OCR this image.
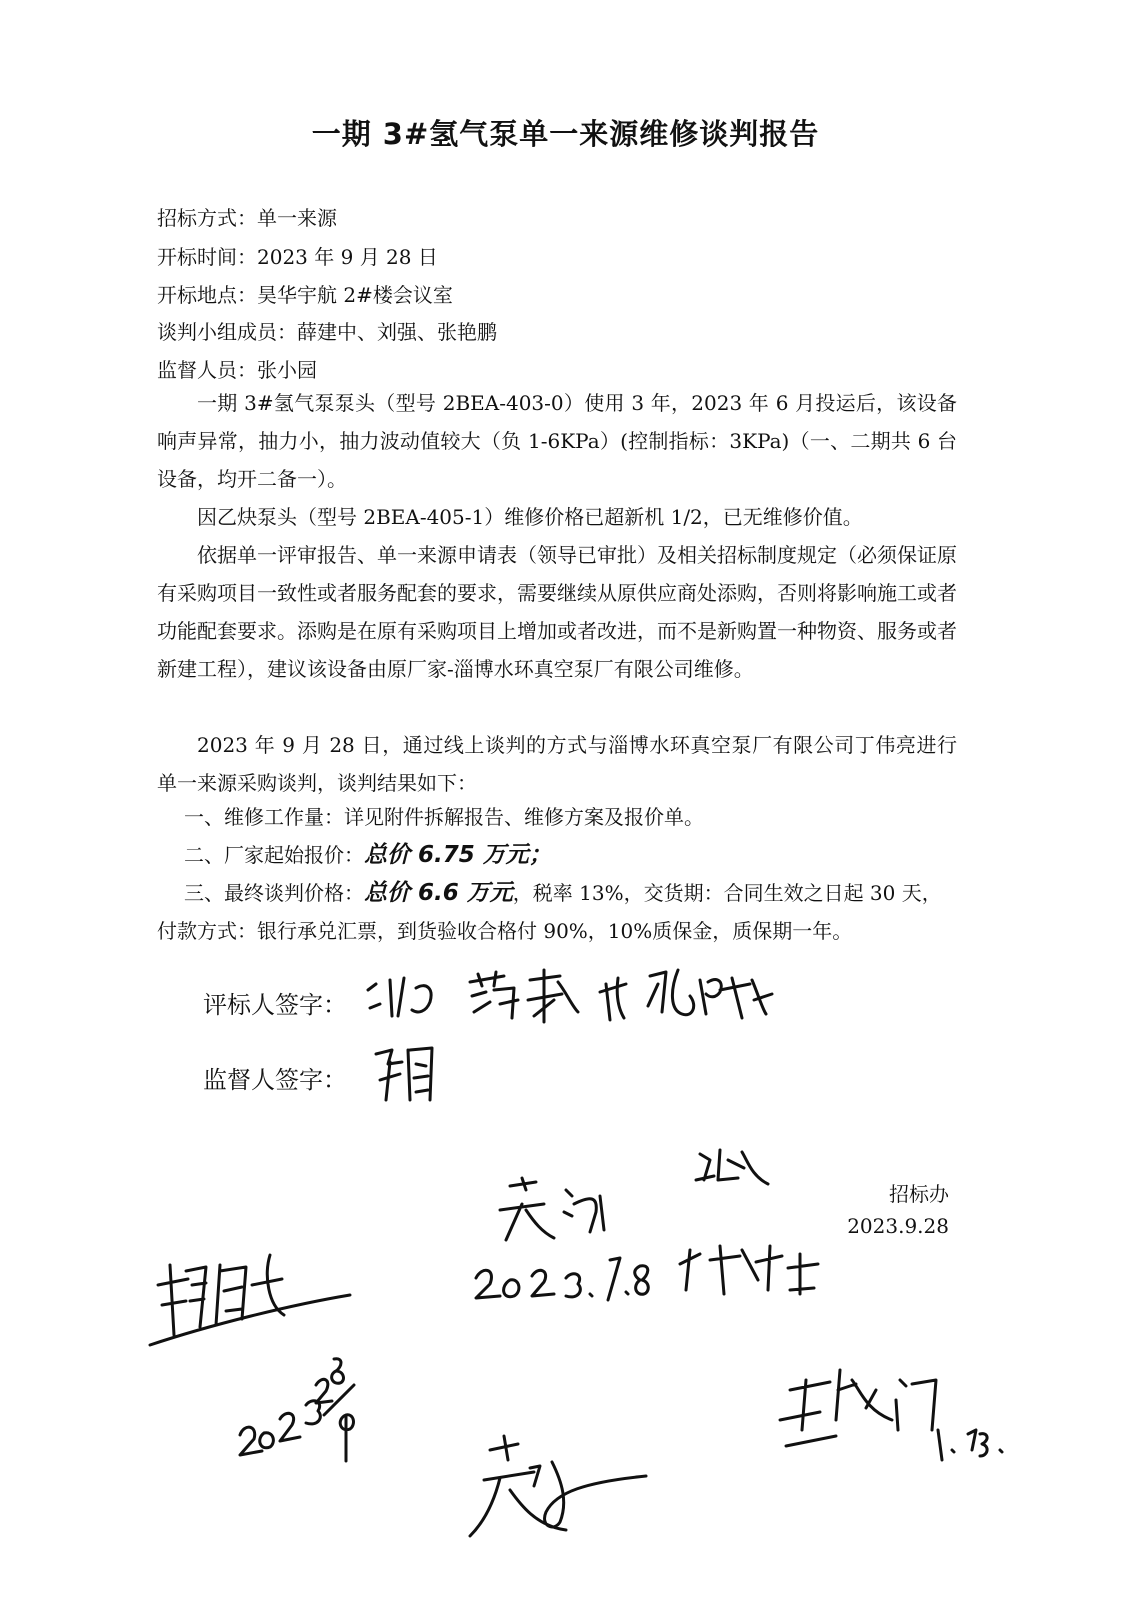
一期 3#氢气泵单一来源维修谈判报告
招标方式：单一来源
开标时间：2023 年 9 月 28 日
开标地点：昊华宇航 2#楼会议室
谈判小组成员：薛建中、刘强、张艳鹏
监督人员：张小园
一期 3#氢气泵泵头（型号 2BEA-403-0）使用 3 年，2023 年 6 月投运后，该设备响声异常，抽力小，抽力波动值较大（负 1-6KPa）(控制指标：3KPa)（一、二期共 6 台设备，均开二备一）。
因乙炔泵头（型号 2BEA-405-1）维修价格已超新机 1/2，已无维修价值。
依据单一评审报告、单一来源申请表（领导已审批）及相关招标制度规定（必须保证原有采购项目一致性或者服务配套的要求，需要继续从原供应商处添购，否则将影响施工或者功能配套要求。添购是在原有采购项目上增加或者改进，而不是新购置一种物资、服务或者新建工程），建议该设备由原厂家-淄博水环真空泵厂有限公司维修。
2023 年 9 月 28 日，通过线上谈判的方式与淄博水环真空泵厂有限公司丁伟亮进行单一来源采购谈判，谈判结果如下：
一、维修工作量：详见附件拆解报告、维修方案及报价单。
二、厂家起始报价：总价 6.75 万元；
三、最终谈判价格：总价 6.6 万元，税率 13%，交货期：合同生效之日起 30 天，
付款方式：银行承兑汇票，到货验收合格付 90%，10%质保金，质保期一年。
评标人签字：
监督人签字：
招标办
2023.9.28
